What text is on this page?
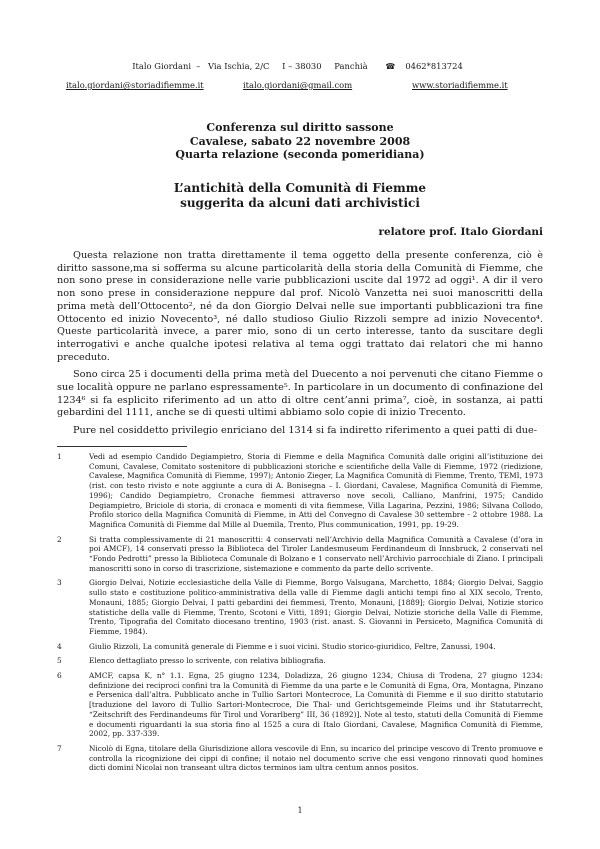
Italo Giordani – Via Ischia, 2/C I – 38030 Panchià ☎ 0462*813724
italo.giordani@storiadifiemme.it	italo.giordani@gmail.com	www.storiadifiemme.it
Conferenza sul diritto sassone
Cavalese, sabato 22 novembre 2008
Quarta relazione (seconda pomeridiana)
L’antichità della Comunità di Fiemme
suggerita da alcuni dati archivistici
relatore prof. Italo Giordani

Questa relazione non tratta direttamente il tema oggetto della presente conferenza, ciò è diritto sassone,ma si sofferma su alcune particolarità della storia della Comunità di Fiemme, che non sono prese in considerazione nelle varie pubblicazioni uscite dal 1972 ad oggi¹. A dir il vero non sono prese in considerazione neppure dal prof. Nicolò Vanzetta nei suoi manoscritti della prima metà dell’Ottocento², né da don Giorgio Delvai nelle sue importanti pubblicazioni tra fine Ottocento ed inizio Novecento³, né dallo studioso Giulio Rizzoli sempre ad inizio Novecento⁴. Queste particolarità invece, a parer mio, sono di un certo interesse, tanto da suscitare degli interrogativi e anche qualche ipotesi relativa al tema oggi trattato dai relatori che mi hanno preceduto.

Sono circa 25 i documenti della prima metà del Duecento a noi pervenuti che citano Fiemme o sue località oppure ne parlano espressamente⁵. In particolare in un documento di confinazione del 1234⁶ si fa esplicito riferimento ad un atto di oltre cent’anni prima⁷, cioè, in sostanza, ai patti gebardini del 1111, anche se di questi ultimi abbiamo solo copie di inizio Trecento.

Pure nel cosiddetto privilegio enriciano del 1314 si fa indiretto riferimento a quei patti di due-

1	Vedi ad esempio Candido Degiampietro, Storia di Fiemme e della Magnifica Comunità dalle origini all’istituzione dei Comuni, Cavalese, Comitato sostenitore di pubblicazioni storiche e scientifiche della Valle di Fiemme, 1972 (riedizione, Cavalese, Magnifica Comunità di Fiemme, 1997); Antonio Zieger, La Magnifica Comunità di Fiemme, Trento, TEMI, 1973 (rist. con testo rivisto e note aggiunte a cura di A. Bonisegna – I. Giordani, Cavalese, Magnifica Comunità di Fiemme, 1996); Candido Degiampietro, Cronache fiemmesi attraverso nove secoli, Calliano, Manfrini, 1975; Candido Degiampietro, Briciole di storia, di cronaca e momenti di vita fiemmese, Villa Lagarina, Pezzini, 1986; Silvana Collodo, Profilo storico della Magnifica Comunità di Fiemme, in Atti del Convegno di Cavalese 30 settembre - 2 ottobre 1988. La Magnifica Comunità di Fiemme dal Mille al Duemila, Trento, Plus communication, 1991, pp. 19-29.
2	Si tratta complessivamente di 21 manoscritti: 4 conservati nell’Archivio della Magnifica Comunità a Cavalese (d’ora in poi AMCF), 14 conservati presso la Biblioteca del Tiroler Landesmuseum Ferdinandeum di Innsbruck, 2 conservati nel “Fondo Pedrotti” presso la Biblioteca Comunale di Bolzano e 1 conservato nell’Archivio parrocchiale di Ziano. I principali manoscritti sono in corso di trascrizione, sistemazione e commento da parte dello scrivente.
3	Giorgio Delvai, Notizie ecclesiastiche della Valle di Fiemme, Borgo Valsugana, Marchetto, 1884; Giorgio Delvai, Saggio sullo stato e costituzione politico-amministrativa della valle di Fiemme dagli antichi tempi fino al XIX secolo, Trento, Monauni, 1885; Giorgio Delvai, I patti gebardini dei fiemmesi, Trento, Monauni, [1889]; Giorgio Delvai, Notizie storico statistiche della valle di Fiemme, Trento, Scotoni e Vitti, 1891; Giorgio Delvai, Notizie storiche della Valle di Fiemme, Trento, Tipografia del Comitato diocesano trentino, 1903 (rist. anast. S. Giovanni in Persiceto, Magnifica Comunità di Fiemme, 1984).
4	Giulio Rizzoli, La comunità generale di Fiemme e i suoi vicini. Studio storico-giuridico, Feltre, Zanussi, 1904.
5	Elenco dettagliato presso lo scrivente, con relativa bibliografia.
6	AMCF, capsa K, n° 1.1. Egna, 25 giugno 1234, Doladizza, 26 giugno 1234, Chiusa di Trodena, 27 giugno 1234: definizione dei reciproci confini tra la Comunità di Fiemme da una parte e le Comunità di Egna, Ora, Montagna, Pinzano e Persenica dall’altra. Pubblicato anche in Tullio Sartori Montecroce, La Comunità di Fiemme e il suo diritto statutario [traduzione del lavoro di Tullio Sartori-Montecroce, Die Thal- und Gerichtsgemeinde Fleims und ihr Statutarrecht, “Zeitschrift des Ferdinandeums für Tirol und Vorarlberg” III, 36 (1892)]. Note al testo, statuti della Comunità di Fiemme e documenti riguardanti la sua storia fino al 1525 a cura di Italo Giordani, Cavalese, Magnifica Comunità di Fiemme, 2002, pp. 337-339.
7	Nicolò di Egna, titolare della Giurisdizione allora vescovile di Enn, su incarico del principe vescovo di Trento promuove e controlla la ricognizione dei cippi di confine; il notaio nel documento scrive che essi vengono rinnovati quod homines dicti domini Nicolai non transeant ultra dictos terminos iam ultra centum annos positos.
1
